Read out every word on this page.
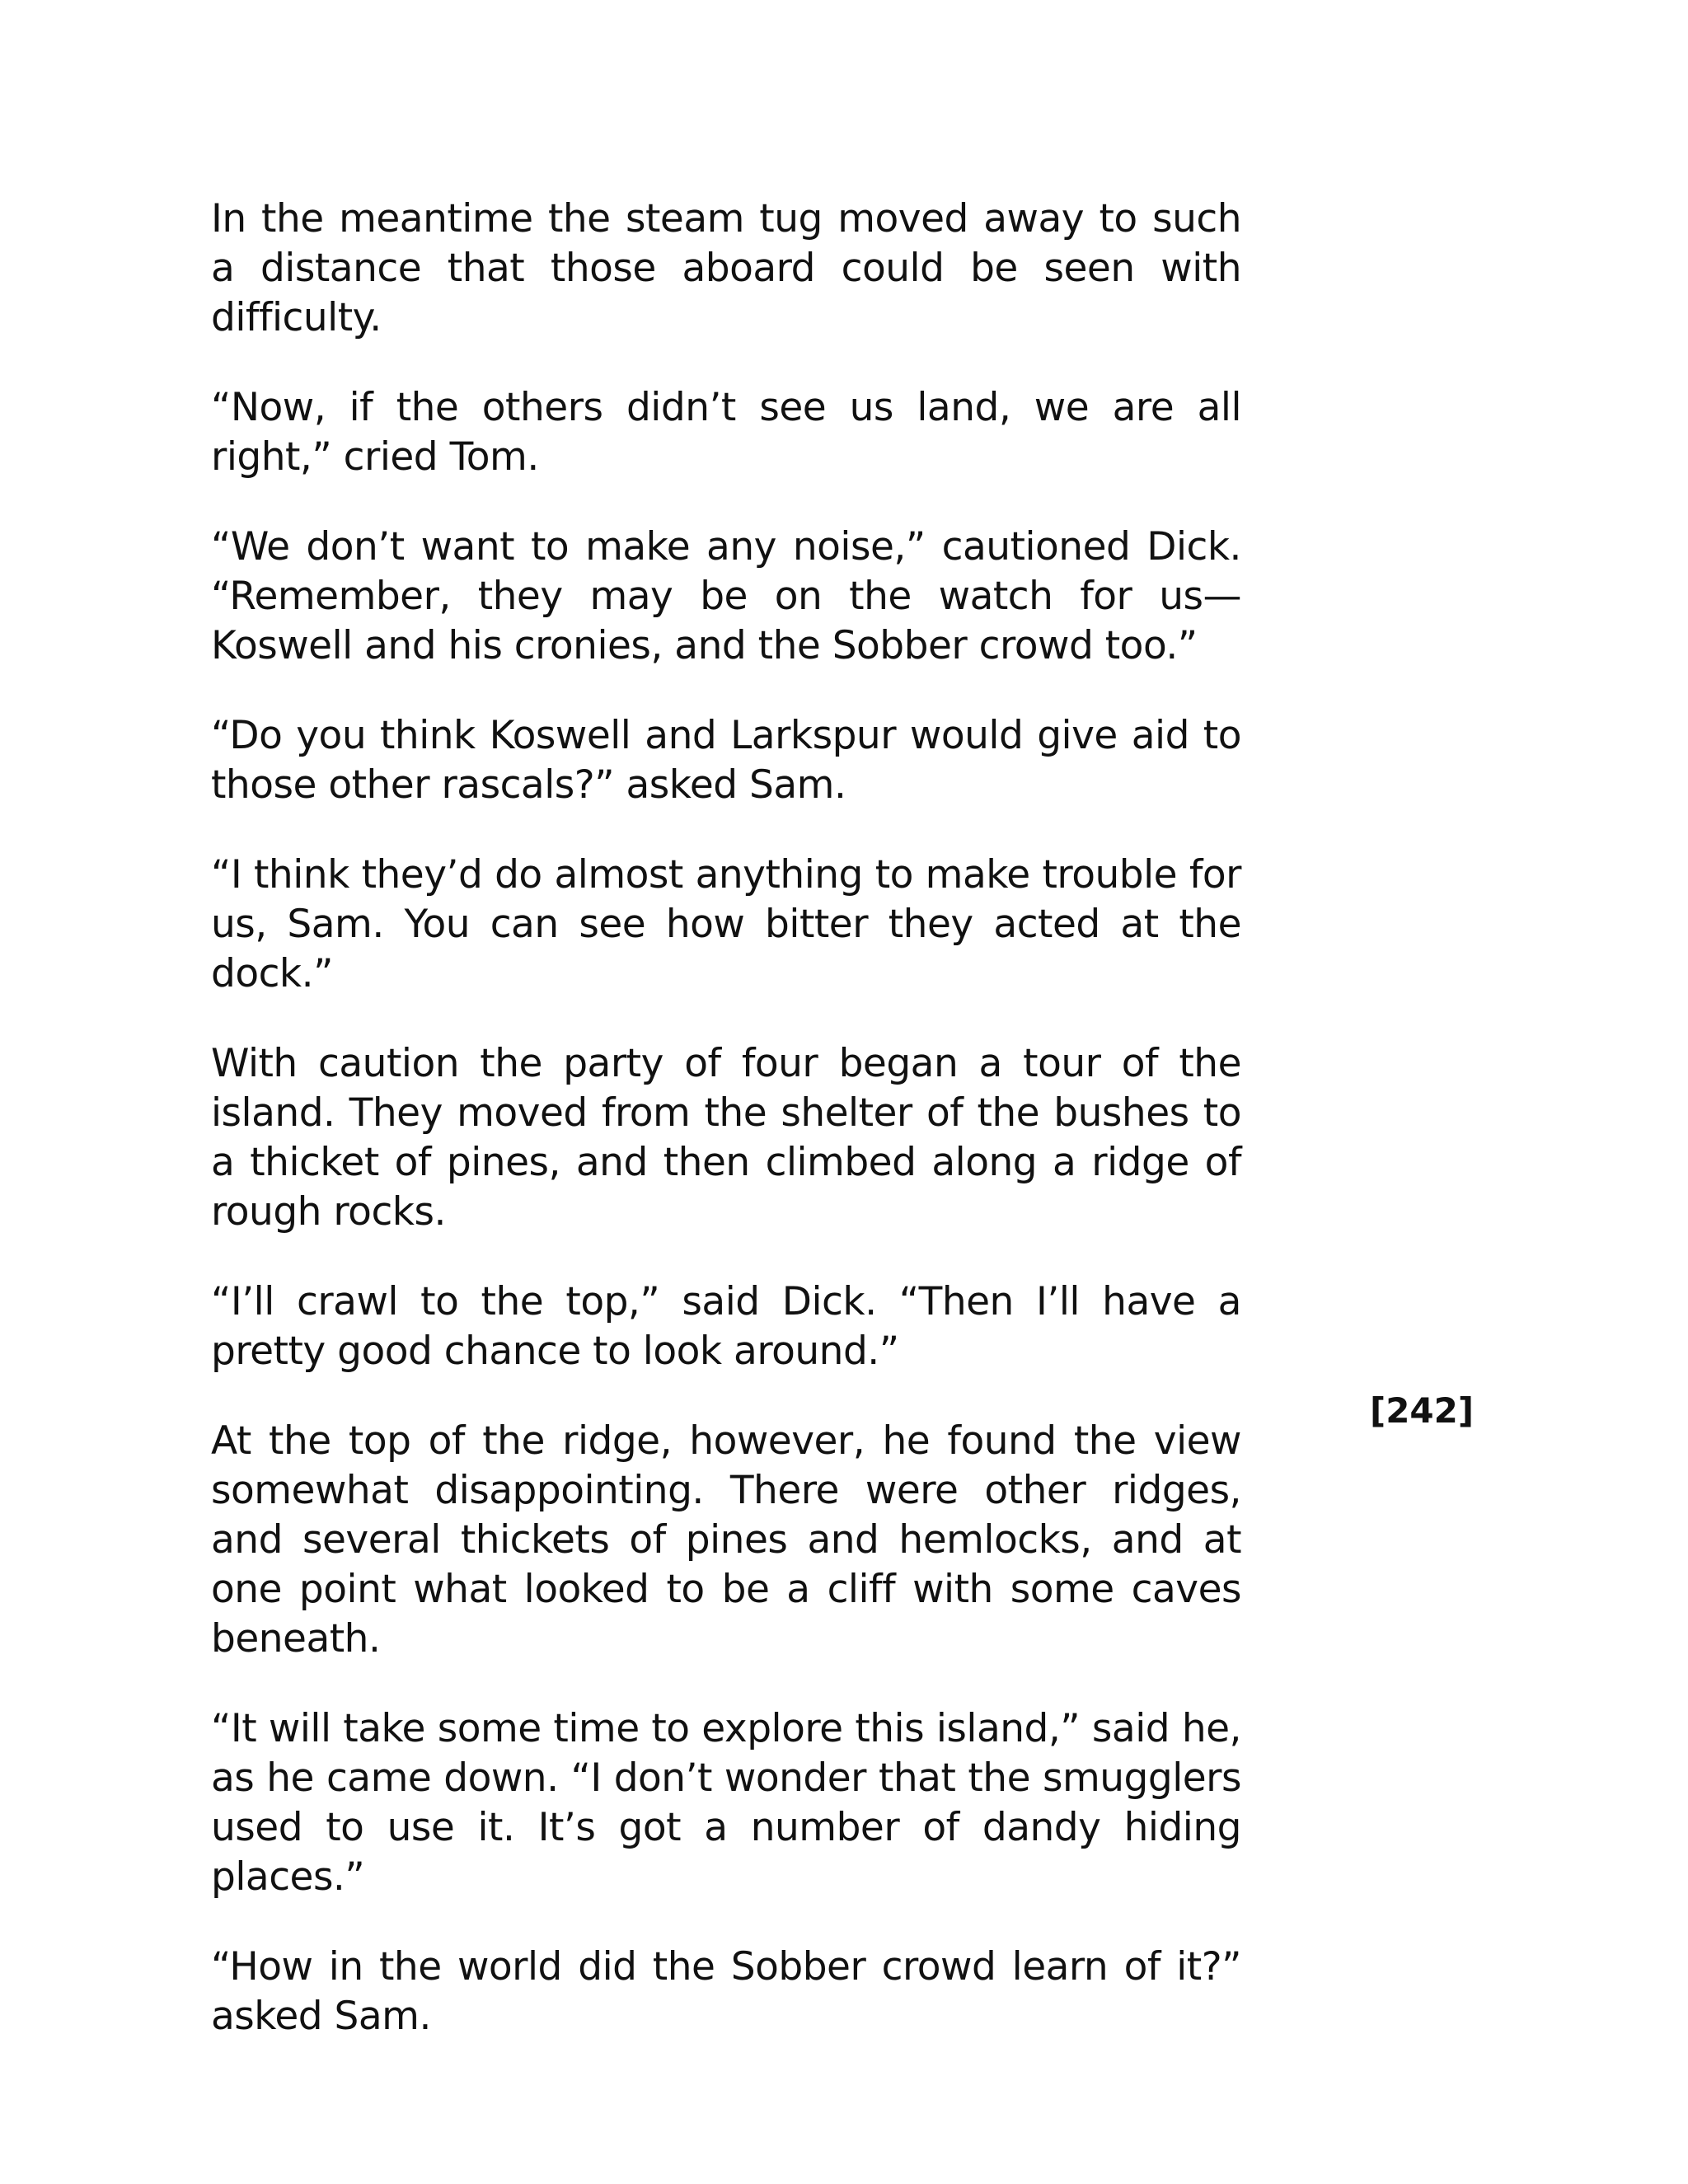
In the meantime the steam tug moved away to such a distance that those aboard could be seen with difficulty.

“Now, if the others didn’t see us land, we are all right,” cried Tom.

“We don’t want to make any noise,” cautioned Dick. “Remember, they may be on the watch for us—Koswell and his cronies, and the Sobber crowd too.”

“Do you think Koswell and Larkspur would give aid to those other rascals?” asked Sam.

“I think they’d do almost anything to make trouble for us, Sam. You can see how bitter they acted at the dock.”

With caution the party of four began a tour of the island. They moved from the shelter of the bushes to a thicket of pines, and then climbed along a ridge of rough rocks.

“I’ll crawl to the top,” said Dick. “Then I’ll have a pretty good chance to look around.”

At the top of the ridge, however, he found the view somewhat disappointing. There were other ridges, and several thickets of pines and hemlocks, and at one point what looked to be a cliff with some caves beneath.

“It will take some time to explore this island,” said he, as he came down. “I don’t wonder that the smugglers used to use it. It’s got a number of dandy hiding places.”

“How in the world did the Sobber crowd learn of it?” asked Sam.

[242]
